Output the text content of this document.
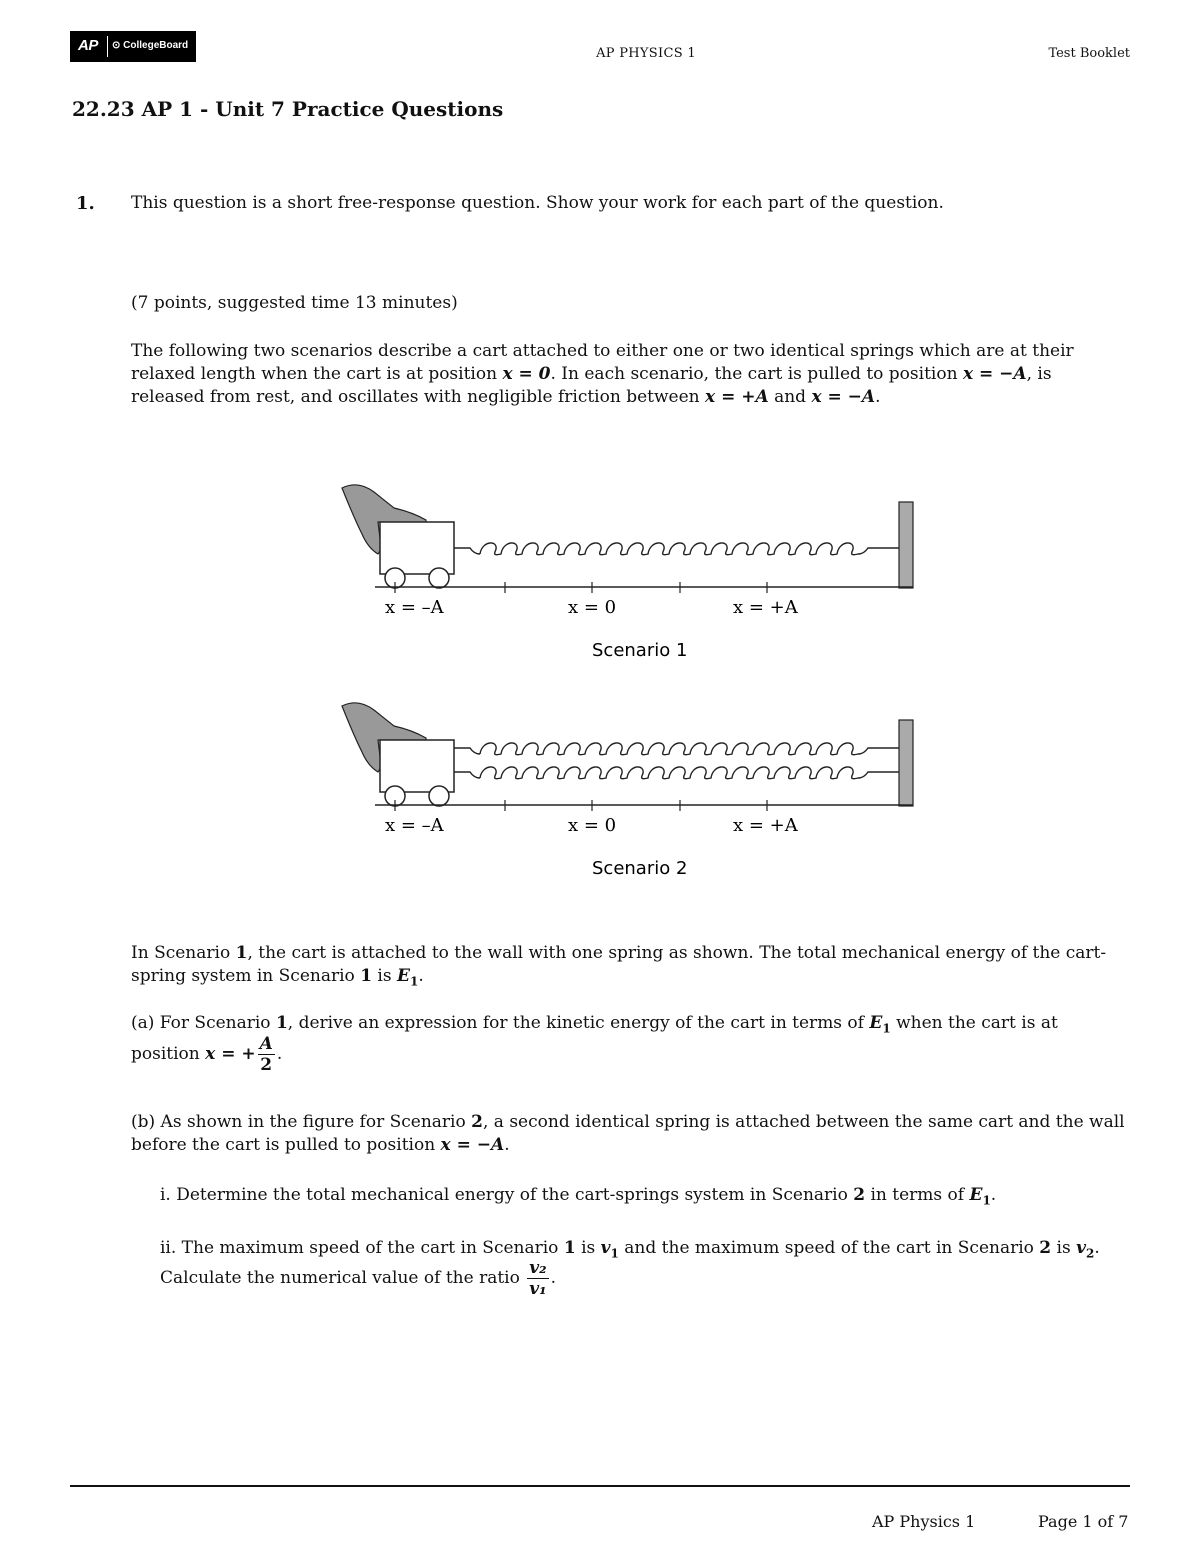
AP ⊙ CollegeBoard
AP PHYSICS 1	Test Booklet
22.23 AP 1 - Unit 7 Practice Questions
1. This question is a short free-response question. Show your work for each part of the question.
(7 points, suggested time 13 minutes)
The following two scenarios describe a cart attached to either one or two identical springs which are at their
relaxed length when the cart is at position x = 0. In each scenario, the cart is pulled to position x = −A, is
released from rest, and oscillates with negligible friction between x = +A and x = −A.
x = –A	x = 0	x = +A
Scenario 1
x = –A	x = 0	x = +A
Scenario 2
In Scenario 1, the cart is attached to the wall with one spring as shown. The total mechanical energy of the cart-
spring system in Scenario 1 is $E_1$.
(a) For Scenario 1, derive an expression for the kinetic energy of the cart in terms of $E_1$ when the cart is at
position x = + $\frac{A}{2}$ .
(b) As shown in the figure for Scenario 2, a second identical spring is attached between the same cart and the wall
before the cart is pulled to position x = −A.
i. Determine the total mechanical energy of the cart-springs system in Scenario 2 in terms of $E_1$.
ii. The maximum speed of the cart in Scenario 1 is $v_1$ and the maximum speed of the cart in Scenario 2 is $v_2$.
Calculate the numerical value of the ratio $\frac{\text{v₂}}{\text{v₁}}$ .
AP Physics 1	Page 1 of 7
